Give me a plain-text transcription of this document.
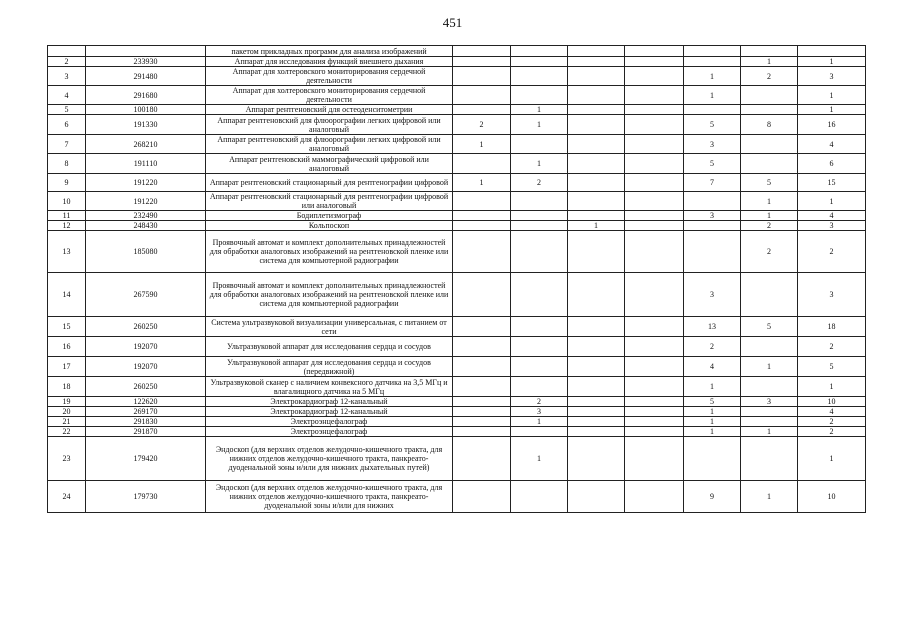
451
		пакетом прикладных программ для анализа изображений							
2	233930	Аппарат для исследования функций внешнего дыхания						1	1
3	291480	Аппарат для холтеровского мониторирования сердечной деятельности					1	2	3
4	291680	Аппарат для холтеровского мониторирования сердечной деятельности					1		1
5	100180	Аппарат рентгеновский для остеоденситометрии		1					1
6	191330	Аппарат рентгеновский для флюорографии легких цифровой или аналоговый	2	1			5	8	16
7	268210	Аппарат рентгеновский для флюорографии легких цифровой или аналоговый	1				3		4
8	191110	Аппарат рентгеновский маммографический цифровой или аналоговый		1			5		6
9	191220	Аппарат рентгеновский стационарный для рентгенографии цифровой	1	2			7	5	15
10	191220	Аппарат рентгеновский стационарный для рентгенографии цифровой или аналоговый						1	1
11	232490	Бодиплетизмограф					3	1	4
12	248430	Кольпоскоп			1			2	3
13	185080	Проявочный автомат и комплект дополнительных принадлежностей для обработки аналоговых изображений на рентгеновской пленке или система для компьютерной радиографии						2	2
14	267590	Проявочный автомат и комплект дополнительных принадлежностей для обработки аналоговых изображений на рентгеновской пленке или система для компьютерной радиографии					3		3
15	260250	Система ультразвуковой визуализации универсальная, с питанием от сети					13	5	18
16	192070	Ультразвуковой аппарат для исследования сердца и сосудов					2		2
17	192070	Ультразвуковой аппарат для исследования сердца и сосудов (передвижной)					4	1	5
18	260250	Ультразвуковой сканер с наличием конвексного датчика на 3,5 МГц и влагалищного датчика на 5 МГц					1		1
19	122620	Электрокардиограф 12-канальный		2			5	3	10
20	269170	Электрокардиограф 12-канальный		3			1		4
21	291830	Электроэнцефалограф		1			1		2
22	291870	Электроэнцефалограф					1	1	2
23	179420	Эндоскоп (для верхних отделов желудочно-кишечного тракта, для нижних отделов желудочно-кишечного тракта, панкреато-дуоденальной зоны и/или для нижних дыхательных путей)		1					1
24	179730	Эндоскоп (для верхних отделов желудочно-кишечного тракта, для нижних отделов желудочно-кишечного тракта, панкреато-дуоденальной зоны и/или для нижних					9	1	10
